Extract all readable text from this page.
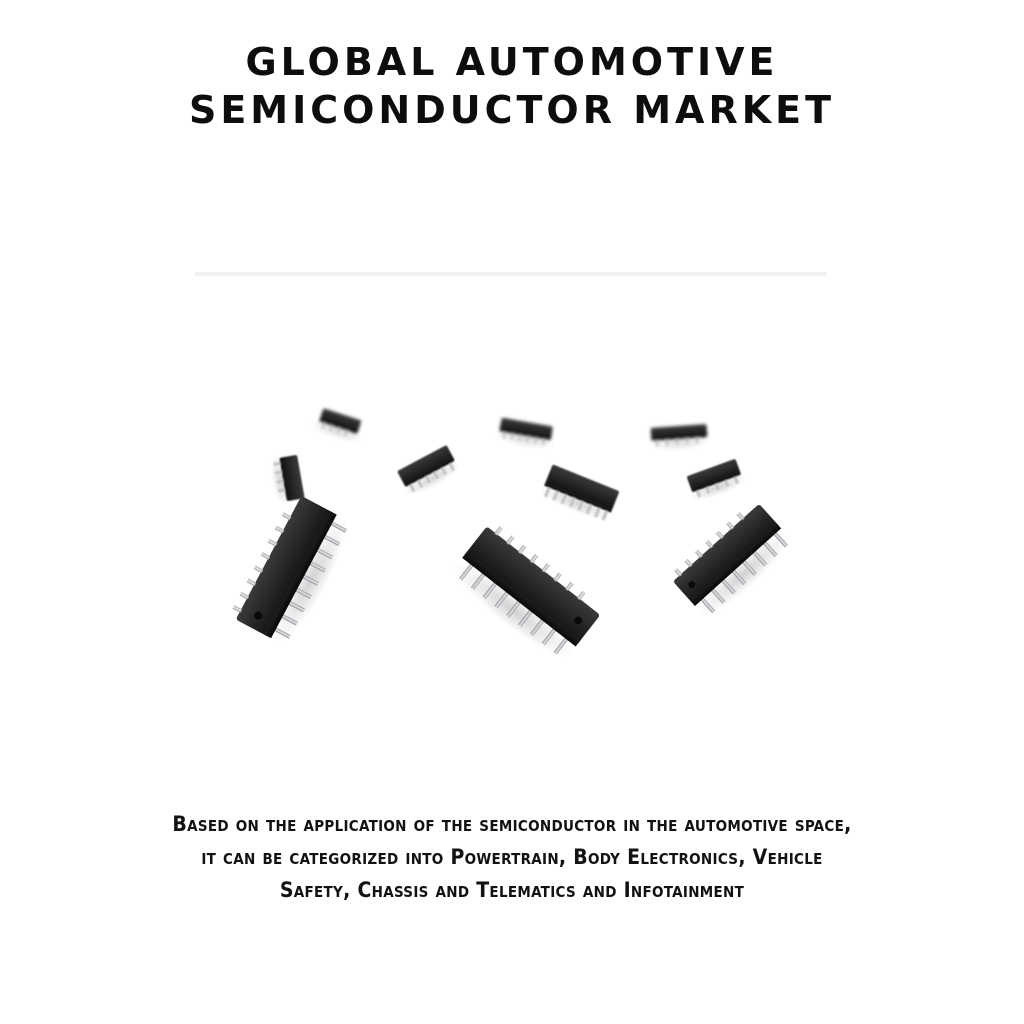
GLOBAL AUTOMOTIVE
SEMICONDUCTOR MARKET

Based on the application of the semiconductor in the automotive space,
it can be categorized into Powertrain, Body Electronics, Vehicle
Safety, Chassis and Telematics and Infotainment
